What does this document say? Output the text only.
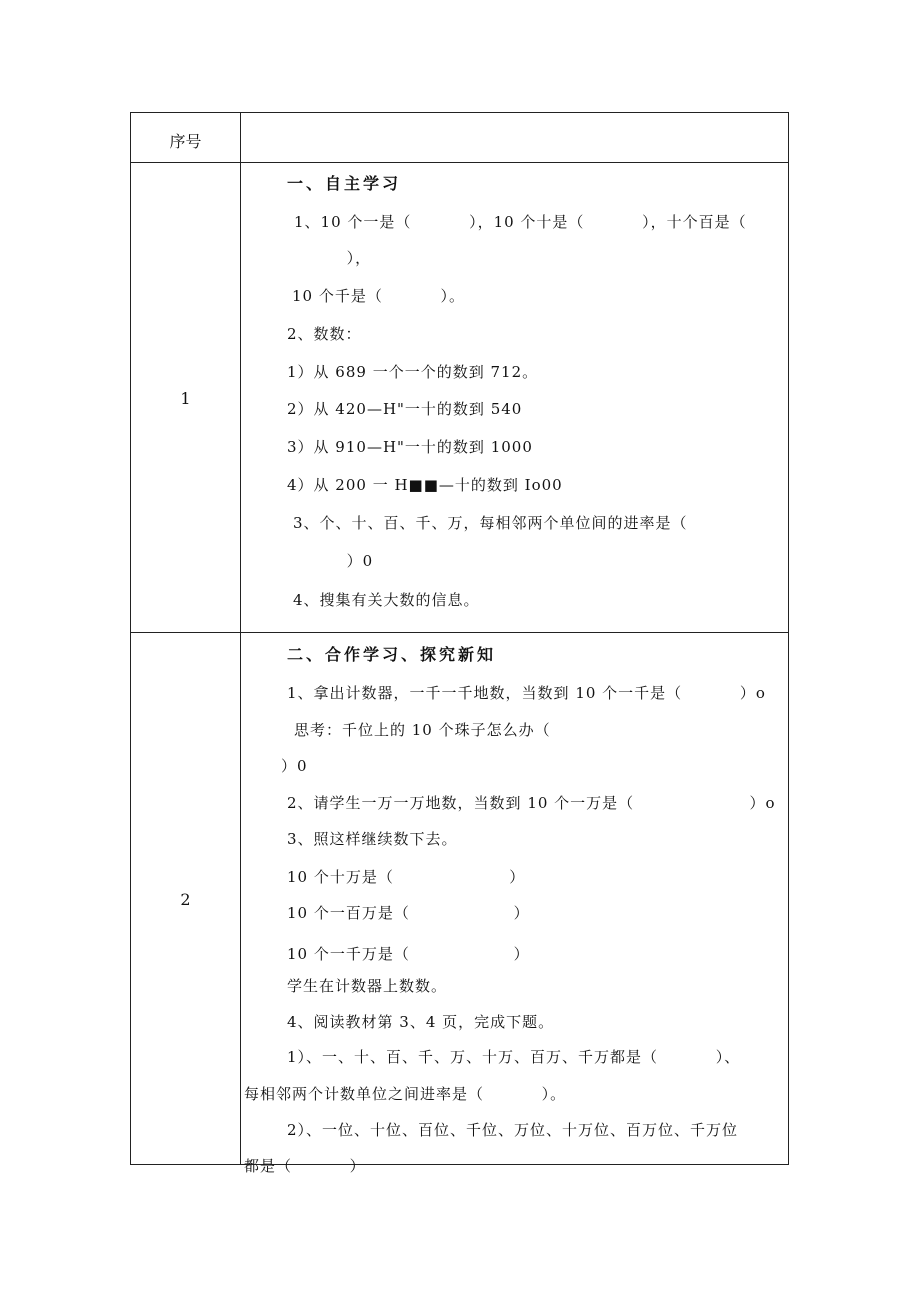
序号
1
一、自主学习
1、10 个一是（          ），10 个十是（          ），十个百是（
），
10 个千是（          ）。
2、数数：
1）从 689 一个一个的数到 712。
2）从 420—H"一十的数到 540
3）从 910—H"一十的数到 1000
4）从 200 一 H■■—十的数到 Io00
3、个、十、百、千、万，每相邻两个单位间的进率是（
）0
4、搜集有关大数的信息。
2
二、合作学习、探究新知
1、拿出计数器，一千一千地数，当数到 10 个一千是（          ）o
思考：千位上的 10 个珠子怎么办（
）0
2、请学生一万一万地数，当数到 10 个一万是（                    ）o
3、照这样继续数下去。
10 个十万是（                    ）
10 个一百万是（                  ）
10 个一千万是（                  ）
学生在计数器上数数。
4、阅读教材第 3、4 页，完成下题。
1）、一、十、百、千、万、十万、百万、千万都是（          ）、
每相邻两个计数单位之间进率是（          ）。
2）、一位、十位、百位、千位、万位、十万位、百万位、千万位
都是（          ）
